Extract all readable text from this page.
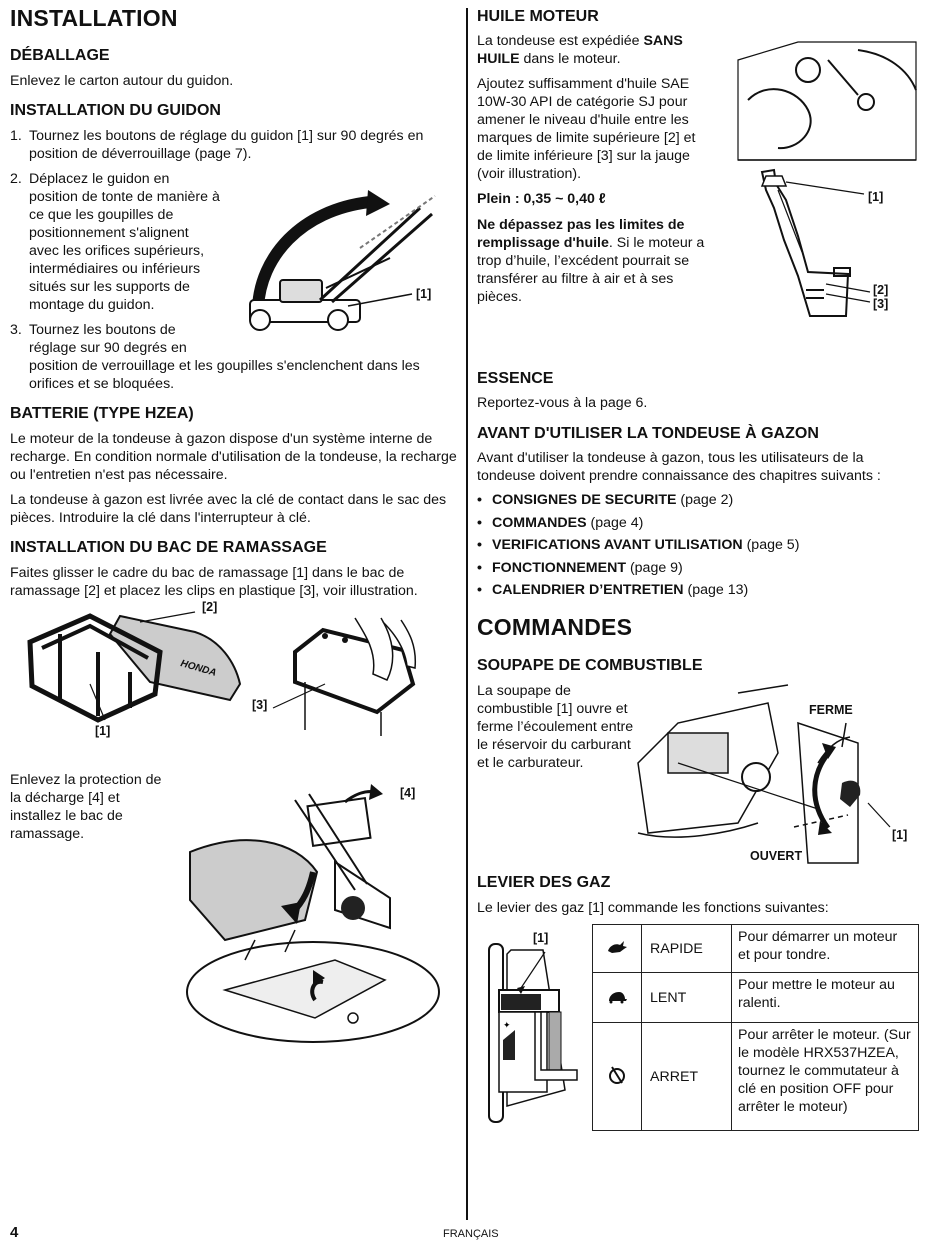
INSTALLATION
DÉBALLAGE
Enlevez le carton autour du guidon.
INSTALLATION DU GUIDON
1. Tournez les boutons de réglage du guidon [1] sur 90 degrés en position de déverrouillage (page 7).
2. Déplacez le guidon en
position de tonte de manière à
ce que les goupilles de
positionnement s'alignent
avec les orifices supérieurs,
intermédiaires ou inférieurs
situés sur les supports de
montage du guidon.
3. Tournez les boutons de
réglage sur 90 degrés en
position de verrouillage et les goupilles s'enclenchent dans les
orifices et se bloquées.
[1]
BATTERIE (TYPE HZEA)
Le moteur de la tondeuse à gazon dispose d'un système interne de recharge. En condition normale d'utilisation de la tondeuse, la recharge ou l'entretien n'est pas nécessaire.
La tondeuse à gazon est livrée avec la clé de contact dans le sac des pièces. Introduire la clé dans l'interrupteur à clé.
INSTALLATION DU BAC DE RAMASSAGE
Faites glisser le cadre du bac de ramassage [1] dans le bac de ramassage [2] et placez les clips en plastique [3], voir illustration.
HONDA
[2]
[1]
[3]
Enlevez la protection de
la décharge [4] et
installez le bac de
ramassage.
[4]
4
HUILE MOTEUR
La tondeuse est expédiée SANS
HUILE dans le moteur.
Ajoutez suffisamment d'huile SAE
10W-30 API de catégorie SJ pour
amener le niveau d'huile entre les
marques de limite supérieure [2] et
de limite inférieure [3] sur la jauge
(voir illustration).
Plein : 0,35 ~ 0,40 ℓ
Ne dépassez pas les limites de
remplissage d'huile. Si le moteur a
trop d’huile, l’excédent pourrait se
transférer au filtre à air et à ses
pièces.
[1]
[2]
[3]
ESSENCE
Reportez-vous à la page 6.
AVANT D'UTILISER LA TONDEUSE À GAZON
Avant d'utiliser la tondeuse à gazon, tous les utilisateurs de la tondeuse doivent prendre connaissance des chapitres suivants :
• CONSIGNES DE SECURITE (page 2)
• COMMANDES (page 4)
• VERIFICATIONS AVANT UTILISATION (page 5)
• FONCTIONNEMENT (page 9)
• CALENDRIER D’ENTRETIEN (page 13)
COMMANDES
SOUPAPE DE COMBUSTIBLE
La soupape de
combustible [1] ouvre et
ferme l’écoulement entre
le réservoir du carburant
et le carburateur.
FERME
OUVERT
[1]
LEVIER DES GAZ
Le levier des gaz [1] commande les fonctions suivantes:
✦
[1]
	RAPIDE	Pour démarrer un moteur et pour tondre.
	LENT	Pour mettre le moteur au ralenti.
	ARRET	Pour arrêter le moteur. (Sur le modèle HRX537HZEA, tournez le commutateur à clé en position OFF pour arrêter le moteur)
FRANÇAIS
